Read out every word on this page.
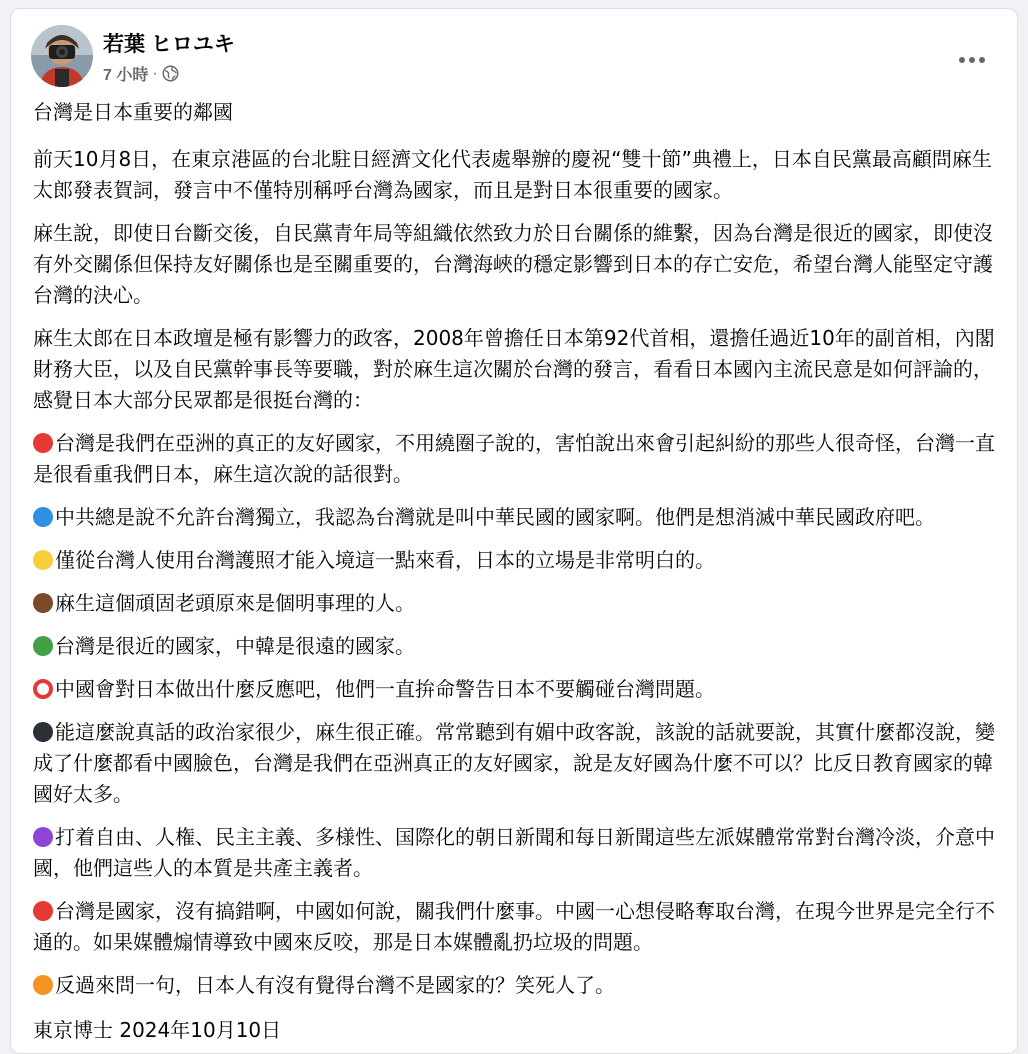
若葉 ヒロユキ
7 小時 ·

台灣是日本重要的鄰國

前天10月8日，在東京港區的台北駐日經濟文化代表處舉辦的慶祝“雙十節”典禮上，日本自民黨最高顧問麻生太郎發表賀詞，發言中不僅特別稱呼台灣為國家，而且是對日本很重要的國家。

麻生說，即使日台斷交後，自民黨青年局等組織依然致力於日台關係的維繫，因為台灣是很近的國家，即使沒有外交關係但保持友好關係也是至關重要的，台灣海峽的穩定影響到日本的存亡安危，希望台灣人能堅定守護台灣的決心。

麻生太郎在日本政壇是極有影響力的政客，2008年曾擔任日本第92代首相，還擔任過近10年的副首相，內閣財務大臣，以及自民黨幹事長等要職，對於麻生這次關於台灣的發言，看看日本國內主流民意是如何評論的，感覺日本大部分民眾都是很挺台灣的：

台灣是我們在亞洲的真正的友好國家，不用繞圈子說的，害怕說出來會引起糾紛的那些人很奇怪，台灣一直是很看重我們日本，麻生這次說的話很對。

中共總是說不允許台灣獨立，我認為台灣就是叫中華民國的國家啊。他們是想消滅中華民國政府吧。

僅從台灣人使用台灣護照才能入境這一點來看，日本的立場是非常明白的。

麻生這個頑固老頭原來是個明事理的人。

台灣是很近的國家，中韓是很遠的國家。

中國會對日本做出什麼反應吧，他們一直拚命警告日本不要觸碰台灣問題。

能這麼說真話的政治家很少，麻生很正確。常常聽到有媚中政客說，該說的話就要說，其實什麼都沒說，變成了什麼都看中國臉色，台灣是我們在亞洲真正的友好國家，說是友好國為什麼不可以？比反日教育國家的韓國好太多。

打着自由、人権、民主主義、多様性、国際化的朝日新聞和每日新聞這些左派媒體常常對台灣冷淡，介意中國，他們這些人的本質是共產主義者。

台灣是國家，沒有搞錯啊，中國如何說，關我們什麼事。中國一心想侵略奪取台灣，在現今世界是完全行不通的。如果媒體煽情導致中國來反咬，那是日本媒體亂扔垃圾的問題。

反過來問一句，日本人有沒有覺得台灣不是國家的？笑死人了。

東京博士 2024年10月10日
